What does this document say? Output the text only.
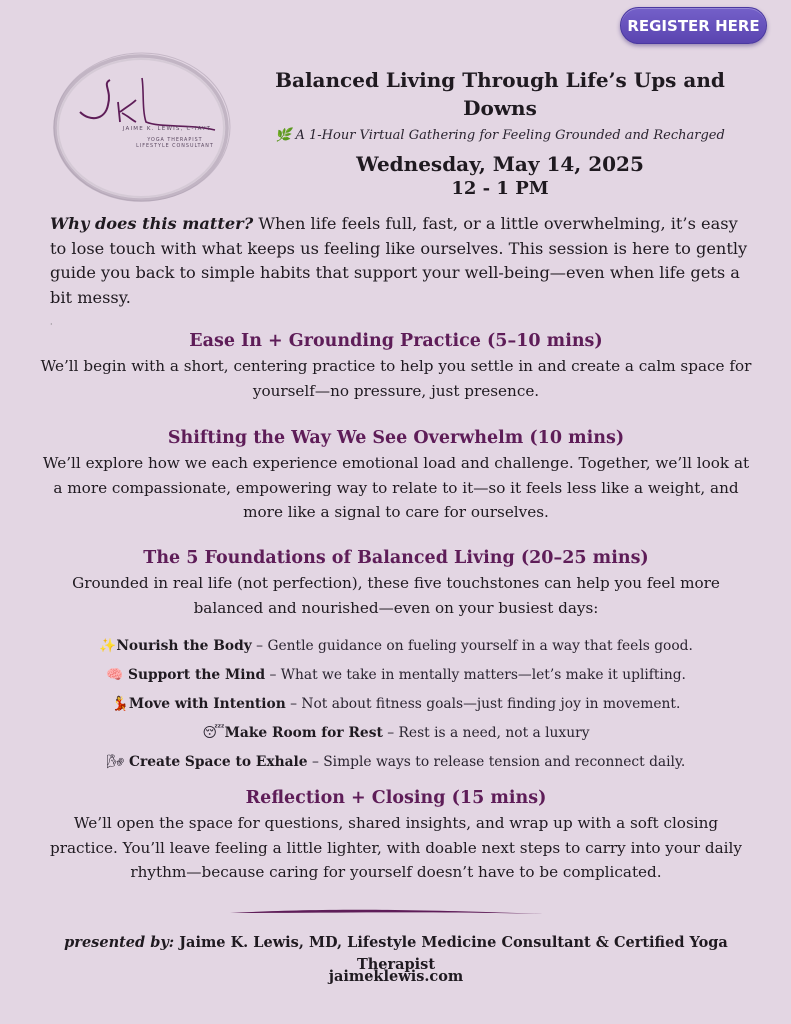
REGISTER HERE
JAIME K. LEWIS, C-IAYT
YOGA THERAPIST
LIFESTYLE CONSULTANT
Balanced Living Through Life’s Ups and Downs
🌿 A 1-Hour Virtual Gathering for Feeling Grounded and Recharged
Wednesday, May 14, 2025
12 - 1 PM
Why does this matter? When life feels full, fast, or a little overwhelming, it’s easy to lose touch with what keeps us feeling like ourselves. This session is here to gently guide you back to simple habits that support your well-being—even when life gets a bit messy.
·
Ease In + Grounding Practice (5–10 mins)

We’ll begin with a short, centering practice to help you settle in and create a calm space for yourself—no pressure, just presence.

Shifting the Way We See Overwhelm (10 mins)

We’ll explore how we each experience emotional load and challenge. Together, we’ll look at a more compassionate, empowering way to relate to it—so it feels less like a weight, and more like a signal to care for ourselves.

The 5 Foundations of Balanced Living (20–25 mins)

Grounded in real life (not perfection), these five touchstones can help you feel more balanced and nourished—even on your busiest days:

✨Nourish the Body – Gentle guidance on fueling yourself in a way that feels good.
🧠 Support the Mind – What we take in mentally matters—let’s make it uplifting.
💃Move with Intention – Not about fitness goals—just finding joy in movement.
😴Make Room for Rest – Rest is a need, not a luxury
🌬 Create Space to Exhale – Simple ways to release tension and reconnect daily.
Reflection + Closing (15 mins)

We’ll open the space for questions, shared insights, and wrap up with a soft closing practice. You’ll leave feeling a little lighter, with doable next steps to carry into your daily rhythm—because caring for yourself doesn’t have to be complicated.

presented by: Jaime K. Lewis, MD, Lifestyle Medicine Consultant & Certified Yoga Therapist
jaimeklewis.com
